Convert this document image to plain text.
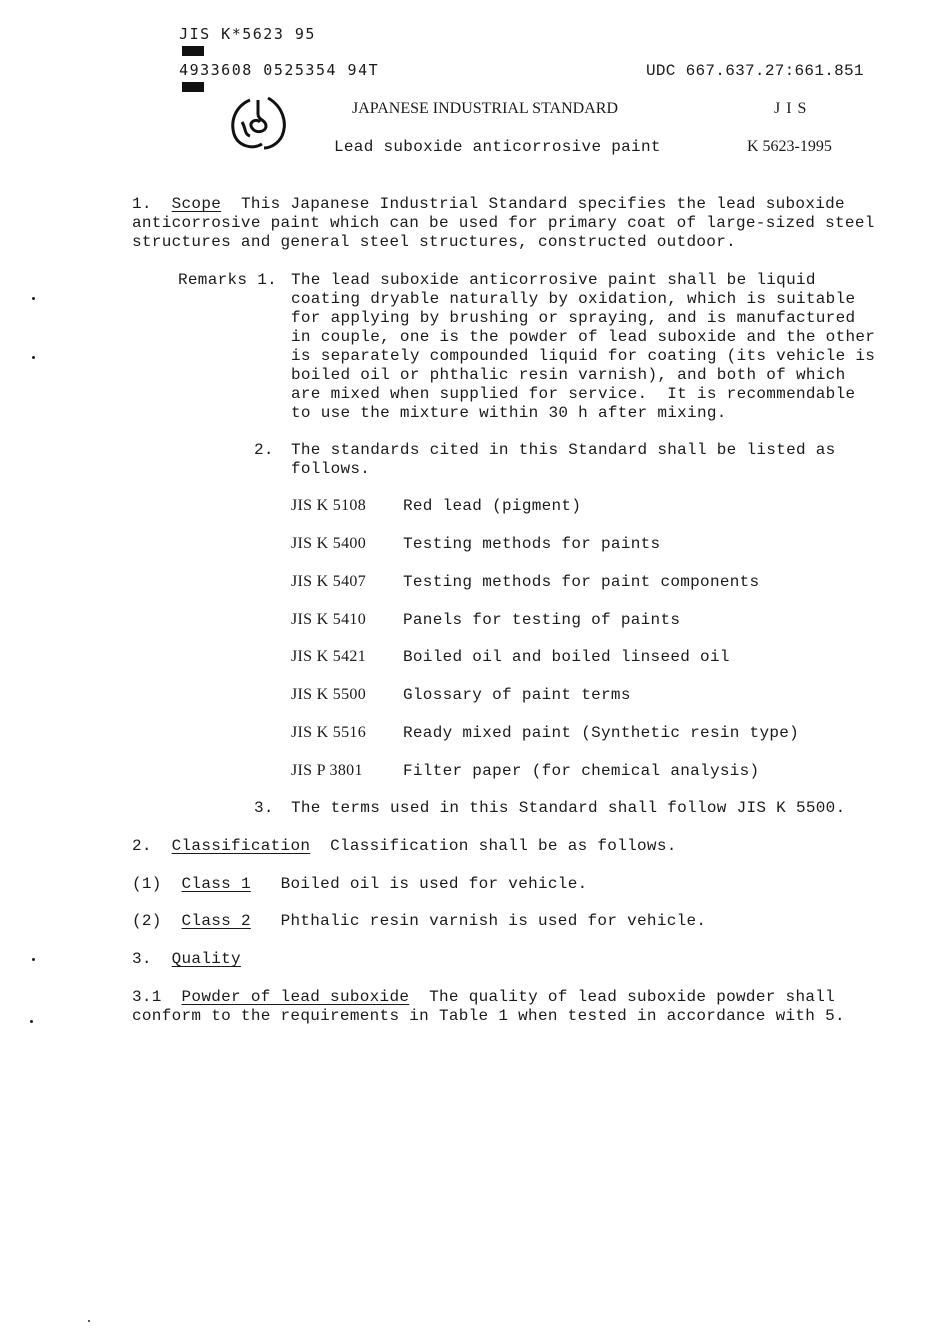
JIS K*5623 95

4933608 0525354 94T
	UDC 667.637.27:661.851
JAPANESE INDUSTRIAL STANDARD	J I S
Lead suboxide anticorrosive paint	K 5623-1995
1. Scope  This Japanese Industrial Standard specifies the lead suboxide
anticorrosive paint which can be used for primary coat of large-sized steel
structures and general steel structures, constructed outdoor.
Remarks 1. The lead suboxide anticorrosive paint shall be liquid
coating dryable naturally by oxidation, which is suitable
for applying by brushing or spraying, and is manufactured
in couple, one is the powder of lead suboxide and the other
is separately compounded liquid for coating (its vehicle is
boiled oil or phthalic resin varnish), and both of which
are mixed when supplied for service.  It is recommendable
to use the mixture within 30 h after mixing.
2. The standards cited in this Standard shall be listed as
follows.
JIS K 5108 Red lead (pigment)
JIS K 5400 Testing methods for paints
JIS K 5407 Testing methods for paint components
JIS K 5410 Panels for testing of paints
JIS K 5421 Boiled oil and boiled linseed oil
JIS K 5500 Glossary of paint terms
JIS K 5516 Ready mixed paint (Synthetic resin type)
JIS P 3801	Filter paper (for chemical analysis)
3. The terms used in this Standard shall follow JIS K 5500.
2. Classification Classification shall be as follows.
(1) Class 1 Boiled oil is used for vehicle.
(2) Class 2 Phthalic resin varnish is used for vehicle.
3. Quality
3.1 Powder of lead suboxide  The quality of lead suboxide powder shall
conform to the requirements in Table 1 when tested in accordance with 5.
